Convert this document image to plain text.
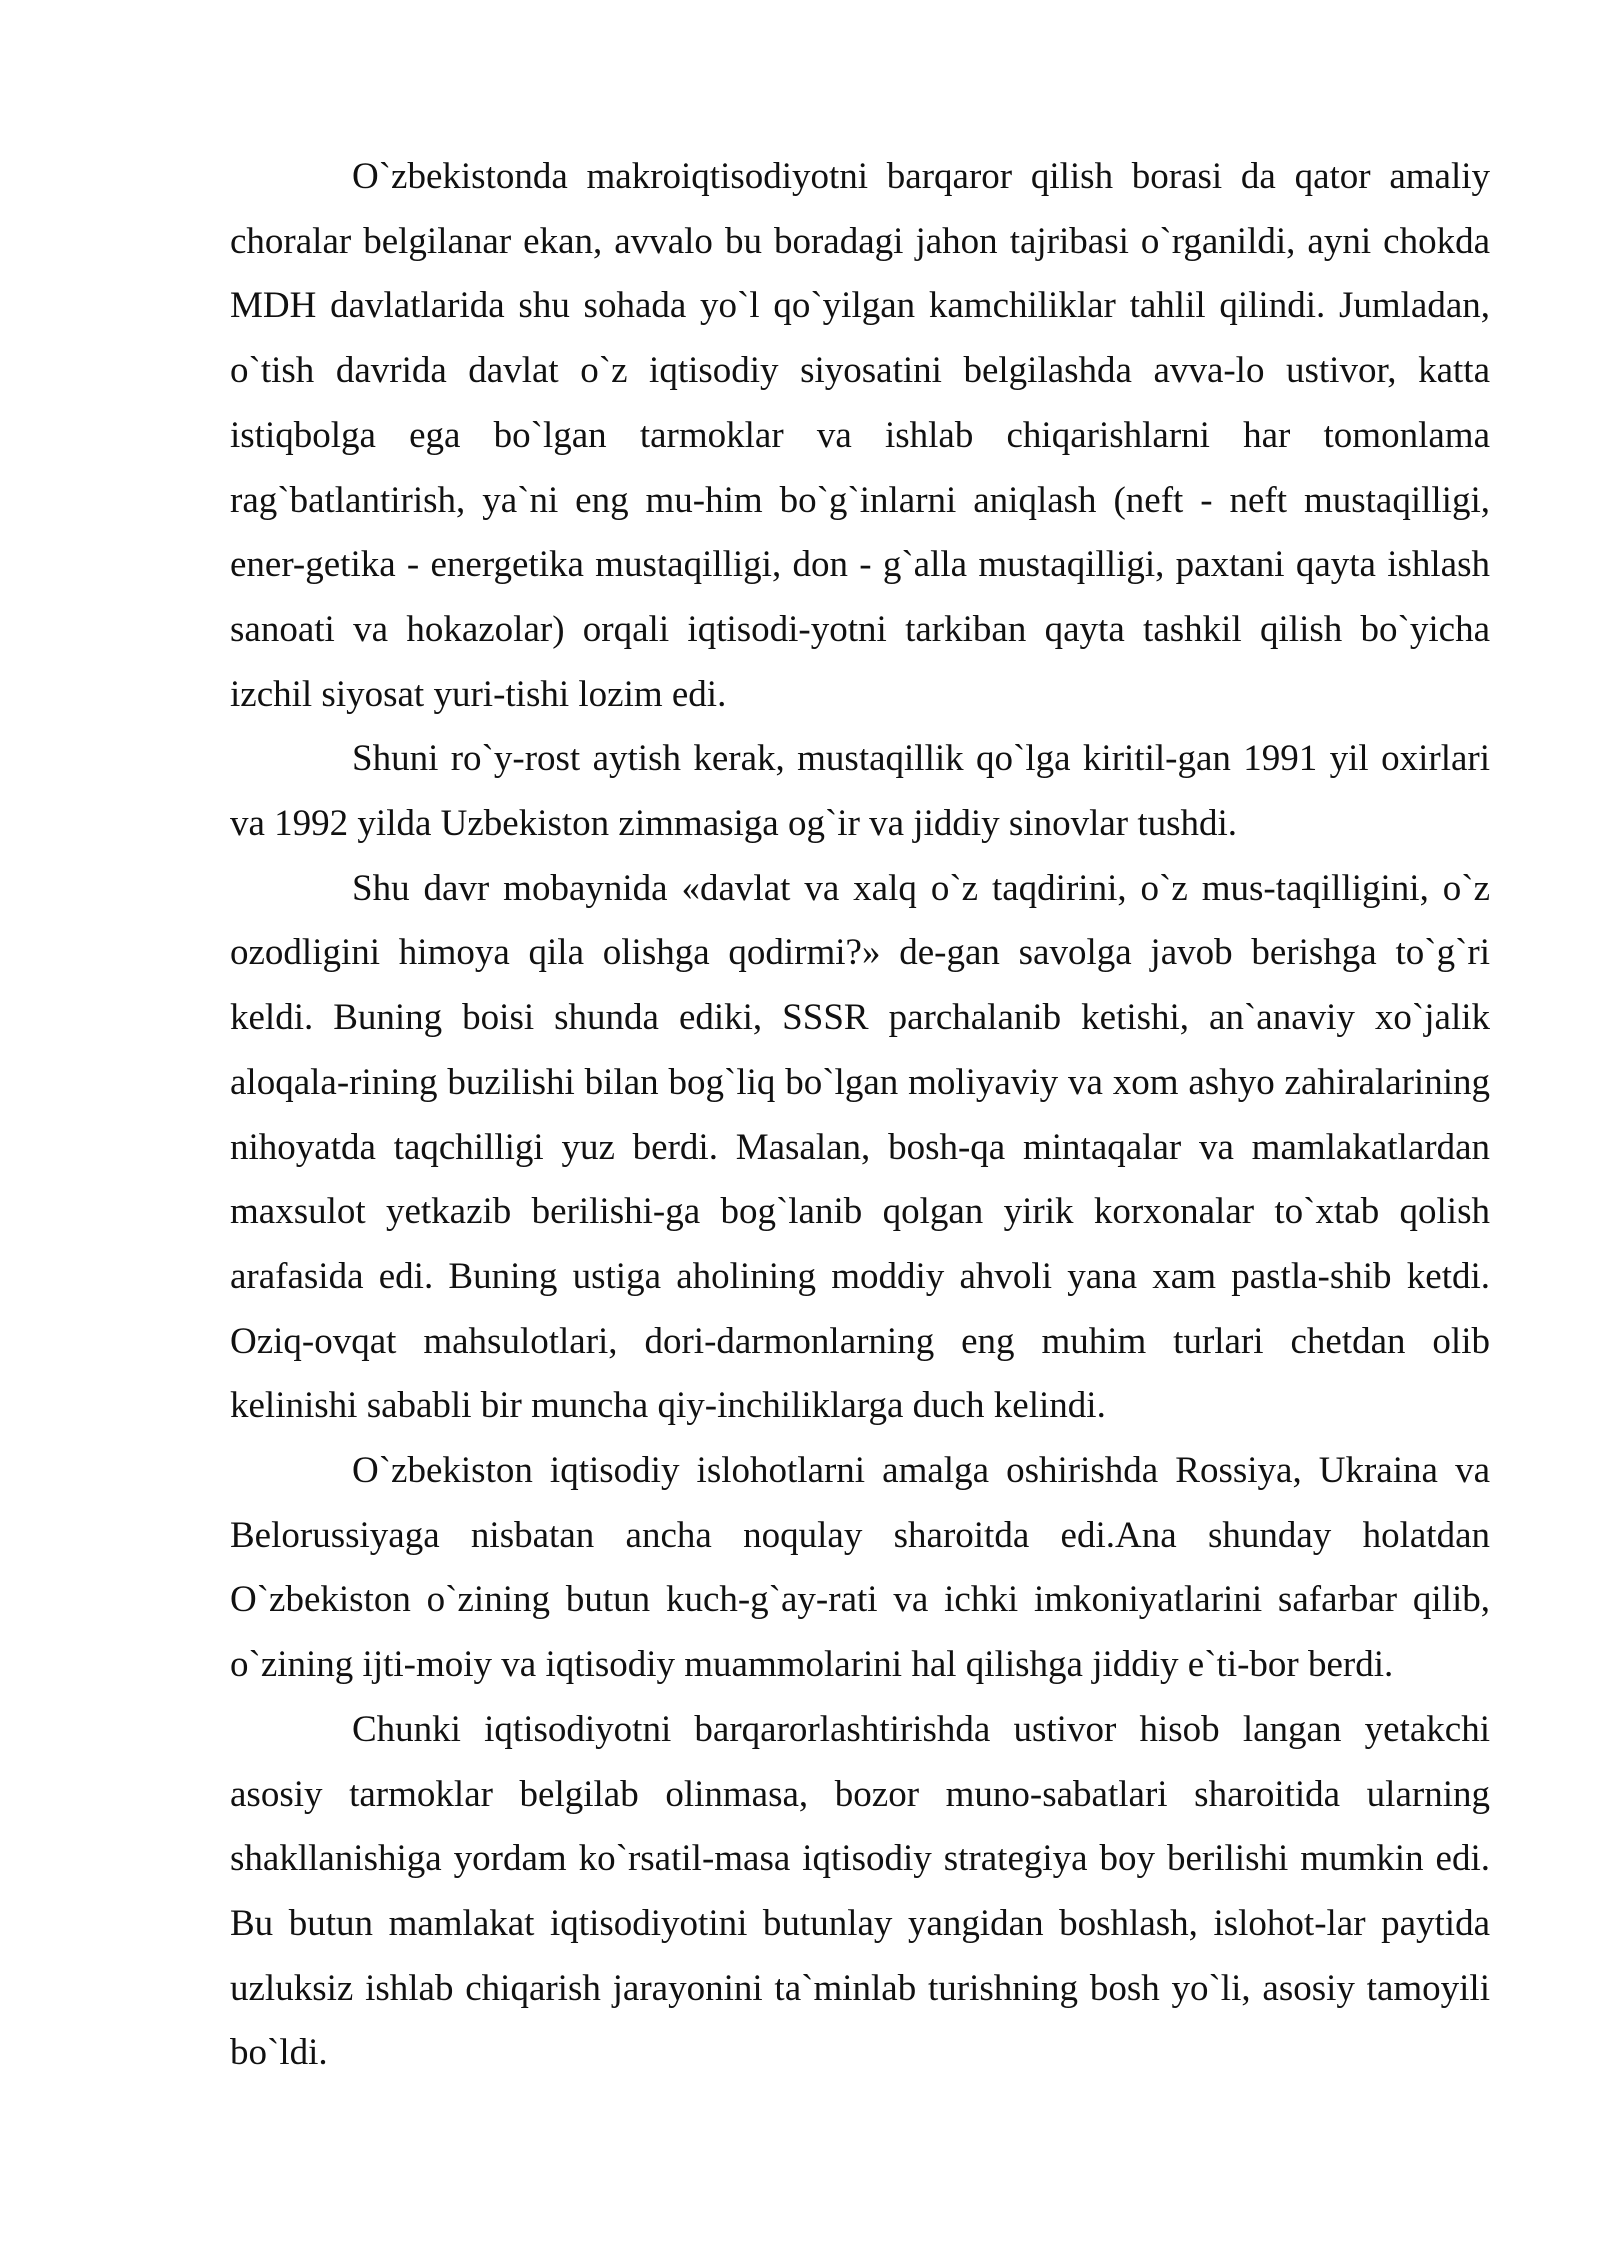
O`zbekistonda makroiqtisodiyotni barqaror qilish borasi da qator amaliy choralar belgilanar ekan, avvalo bu boradagi jahon tajribasi o`rganildi, ayni chokda MDH davlatlarida shu sohada yo`l qo`yilgan kamchiliklar tahlil qilindi. Jumladan, o`tish davrida davlat o`z iqtisodiy siyosatini belgilashda avva-lo ustivor, katta istiqbolga ega bo`lgan tarmoklar va ishlab chiqarishlarni har tomonlama rag`batlantirish, ya`ni eng mu-him bo`g`inlarni aniqlash (neft - neft mustaqilligi, ener-getika - energetika mustaqilligi, don - g`alla mustaqilligi, paxtani qayta ishlash sanoati va hokazolar) orqali iqtisodi-yotni tarkiban qayta tashkil qilish bo`yicha izchil siyosat yuri-tishi lozim edi.

Shuni ro`y-rost aytish kerak, mustaqillik qo`lga kiritil-gan 1991 yil oxirlari va 1992 yilda Uzbekiston zimmasiga og`ir va jiddiy sinovlar tushdi.

Shu davr mobaynida «davlat va xalq o`z taqdirini, o`z mus-taqilligini, o`z ozodligini himoya qila olishga qodirmi?» de-gan savolga javob berishga to`g`ri keldi. Buning boisi shunda ediki, SSSR parchalanib ketishi, an`anaviy xo`jalik aloqala-rining buzilishi bilan bog`liq bo`lgan moliyaviy va xom ashyo zahiralarining nihoyatda taqchilligi yuz berdi. Masalan, bosh-qa mintaqalar va mamlakatlardan maxsulot yetkazib berilishi-ga bog`lanib qolgan yirik korxonalar to`xtab qolish arafasida edi. Buning ustiga aholining moddiy ahvoli yana xam pastla-shib ketdi. Oziq-ovqat mahsulotlari, dori-darmonlarning eng muhim turlari chetdan olib kelinishi sababli bir muncha qiy-inchiliklarga duch kelindi.

O`zbekiston iqtisodiy islohotlarni amalga oshirishda Rossiya, Ukraina va Belorussiyaga nisbatan ancha noqulay sharoitda edi.Ana shunday holatdan O`zbekiston o`zining butun kuch-g`ay-rati va ichki imkoniyatlarini safarbar qilib, o`zining ijti-moiy va iqtisodiy muammolarini hal qilishga jiddiy e`ti-bor berdi.

Chunki iqtisodiyotni barqarorlashtirishda ustivor hisob langan yetakchi asosiy tarmoklar belgilab olinmasa, bozor muno-sabatlari sharoitida ularning shakllanishiga yordam ko`rsatil-masa iqtisodiy strategiya boy berilishi mumkin edi. Bu butun mamlakat iqtisodiyotini butunlay yangidan boshlash, islohot-lar paytida uzluksiz ishlab chiqarish jarayonini ta`minlab turishning bosh yo`li, asosiy tamoyili bo`ldi.
